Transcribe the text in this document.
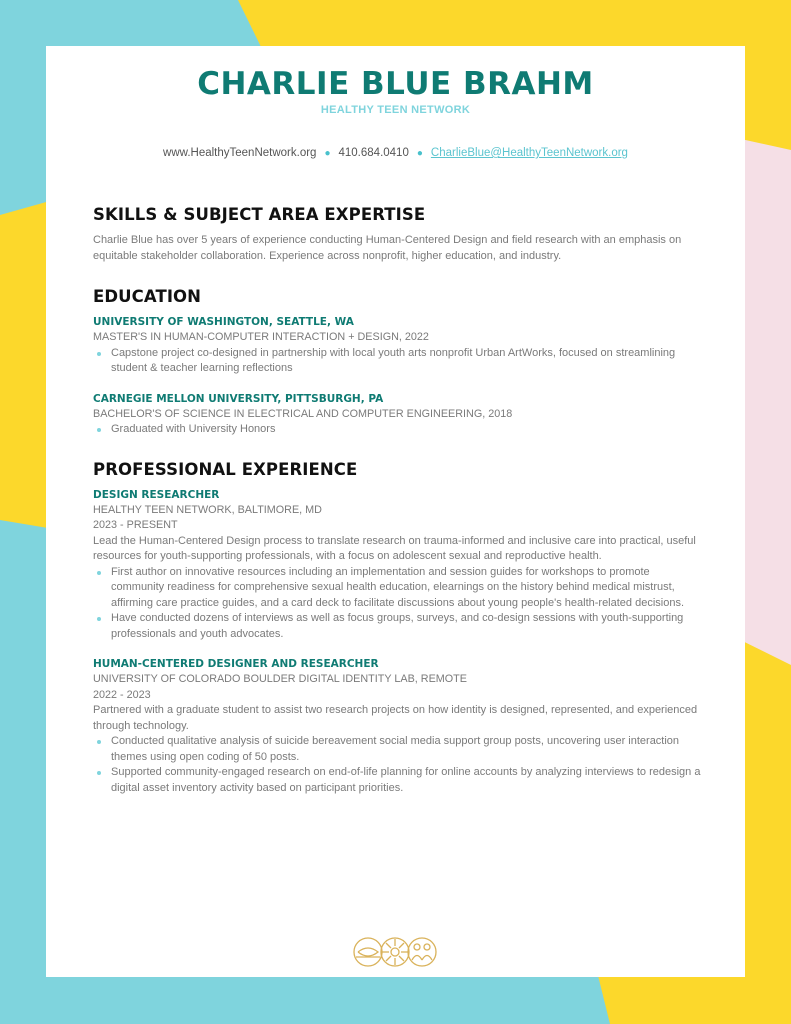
CHARLIE BLUE BRAHM
HEALTHY TEEN NETWORK
www.HealthyTeenNetwork.org ● 410.684.0410 ● CharlieBlue@HealthyTeenNetwork.org
SKILLS & SUBJECT AREA EXPERTISE

Charlie Blue has over 5 years of experience conducting Human-Centered Design and field research with an emphasis on equitable stakeholder collaboration. Experience across nonprofit, higher education, and industry.

EDUCATION

UNIVERSITY OF WASHINGTON, SEATTLE, WA

MASTER'S IN HUMAN-COMPUTER INTERACTION + DESIGN, 2022

Capstone project co-designed in partnership with local youth arts nonprofit Urban ArtWorks, focused on streamlining student & teacher learning reflections

CARNEGIE MELLON UNIVERSITY, PITTSBURGH, PA

BACHELOR'S OF SCIENCE IN ELECTRICAL AND COMPUTER ENGINEERING, 2018

Graduated with University Honors
PROFESSIONAL EXPERIENCE

DESIGN RESEARCHER

HEALTHY TEEN NETWORK, BALTIMORE, MD

2023 - PRESENT

Lead the Human-Centered Design process to translate research on trauma-informed and inclusive care into practical, useful resources for youth-supporting professionals, with a focus on adolescent sexual and reproductive health.

First author on innovative resources including an implementation and session guides for workshops to promote community readiness for comprehensive sexual health education, elearnings on the history behind medical mistrust, affirming care practice guides, and a card deck to facilitate discussions about young people's health-related decisions.
Have conducted dozens of interviews as well as focus groups, surveys, and co-design sessions with youth-supporting professionals and youth advocates.

HUMAN-CENTERED DESIGNER AND RESEARCHER

UNIVERSITY OF COLORADO BOULDER DIGITAL IDENTITY LAB, REMOTE

2022 - 2023

Partnered with a graduate student to assist two research projects on how identity is designed, represented, and experienced through technology.

Conducted qualitative analysis of suicide bereavement social media support group posts, uncovering user interaction themes using open coding of 50 posts.
Supported community-engaged research on end-of-life planning for online accounts by analyzing interviews to redesign a digital asset inventory activity based on participant priorities.
